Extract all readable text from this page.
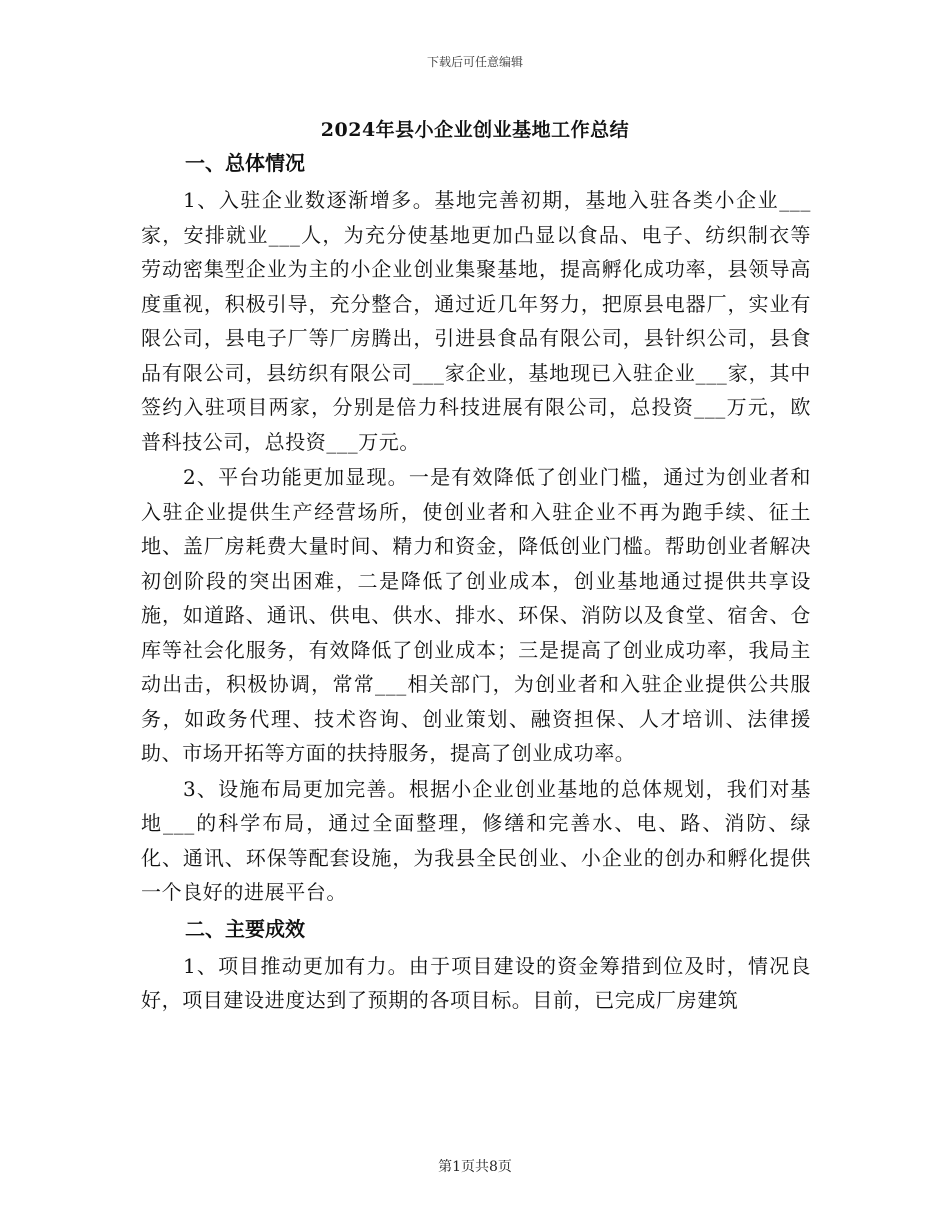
下载后可任意编辑
2024年县小企业创业基地工作总结
一、总体情况

1、入驻企业数逐渐增多。基地完善初期，基地入驻各类小企业___家，安排就业___人，为充分使基地更加凸显以食品、电子、纺织制衣等劳动密集型企业为主的小企业创业集聚基地，提高孵化成功率，县领导高度重视，积极引导，充分整合，通过近几年努力，把原县电器厂，实业有限公司，县电子厂等厂房腾出，引进县食品有限公司，县针织公司，县食品有限公司，县纺织有限公司___家企业，基地现已入驻企业___家，其中签约入驻项目两家，分别是倍力科技进展有限公司，总投资___万元，欧普科技公司，总投资___万元。

2、平台功能更加显现。一是有效降低了创业门槛，通过为创业者和入驻企业提供生产经营场所，使创业者和入驻企业不再为跑手续、征土地、盖厂房耗费大量时间、精力和资金，降低创业门槛。帮助创业者解决初创阶段的突出困难，二是降低了创业成本，创业基地通过提供共享设施，如道路、通讯、供电、供水、排水、环保、消防以及食堂、宿舍、仓库等社会化服务，有效降低了创业成本；三是提高了创业成功率，我局主动出击，积极协调，常常___相关部门，为创业者和入驻企业提供公共服务，如政务代理、技术咨询、创业策划、融资担保、人才培训、法律援助、市场开拓等方面的扶持服务，提高了创业成功率。

3、设施布局更加完善。根据小企业创业基地的总体规划，我们对基地___的科学布局，通过全面整理，修缮和完善水、电、路、消防、绿化、通讯、环保等配套设施，为我县全民创业、小企业的创办和孵化提供一个良好的进展平台。

二、主要成效

1、项目推动更加有力。由于项目建设的资金筹措到位及时，情况良好，项目建设进度达到了预期的各项目标。目前，已完成厂房建筑

第1页共8页
